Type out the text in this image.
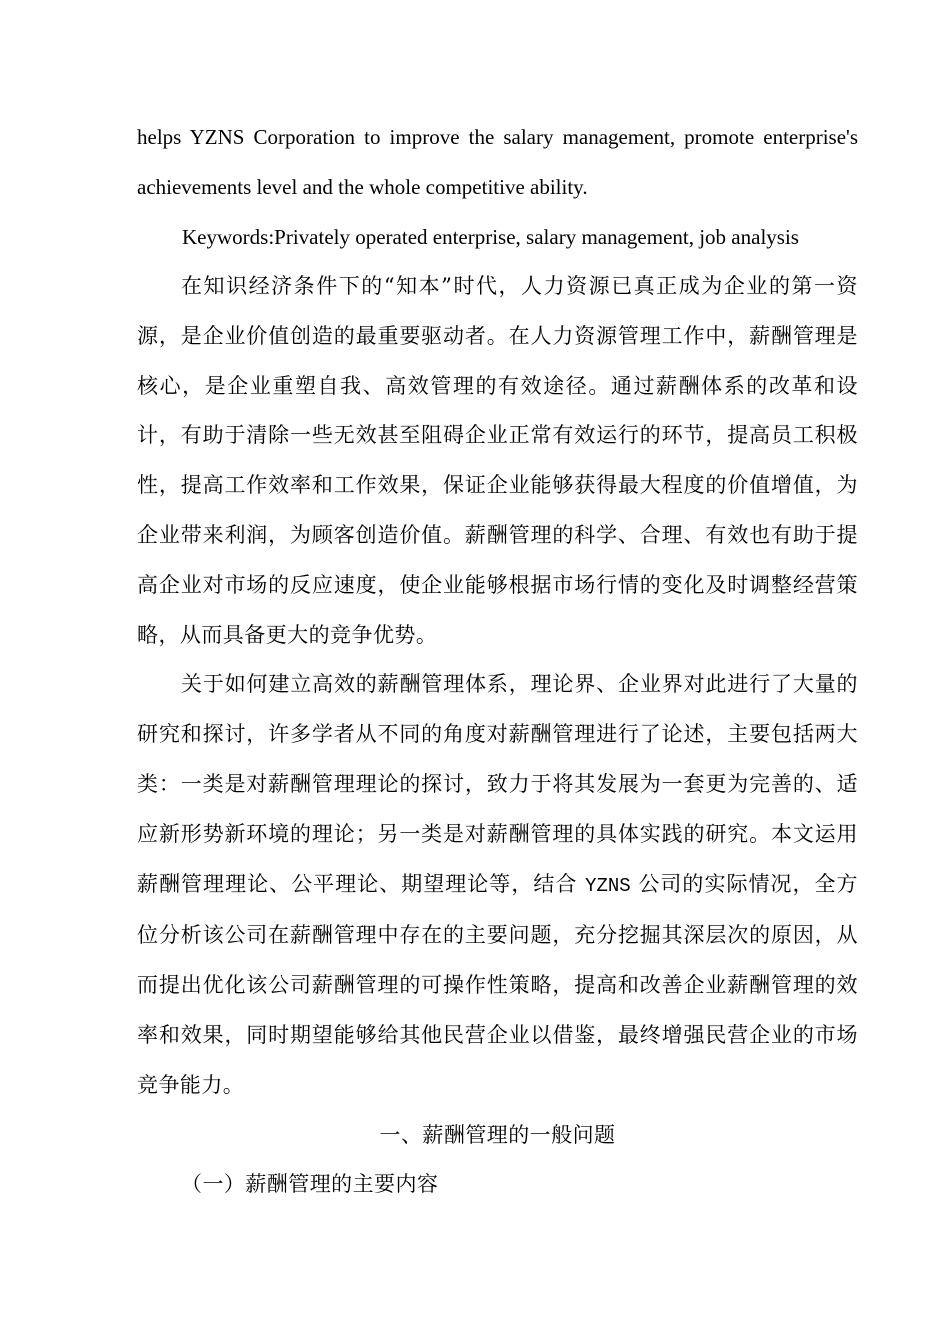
helps YZNS Corporation to improve the salary management, promote enterprise's achievements level and the whole competitive ability.

Keywords:Privately operated enterprise, salary management, job analysis

在知识经济条件下的“知本”时代，人力资源已真正成为企业的第一资源，是企业价值创造的最重要驱动者。在人力资源管理工作中，薪酬管理是核心，是企业重塑自我、高效管理的有效途径。通过薪酬体系的改革和设计，有助于清除一些无效甚至阻碍企业正常有效运行的环节，提高员工积极性，提高工作效率和工作效果，保证企业能够获得最大程度的价值增值，为企业带来利润，为顾客创造价值。薪酬管理的科学、合理、有效也有助于提高企业对市场的反应速度，使企业能够根据市场行情的变化及时调整经营策略，从而具备更大的竞争优势。

关于如何建立高效的薪酬管理体系，理论界、企业界对此进行了大量的研究和探讨，许多学者从不同的角度对薪酬管理进行了论述，主要包括两大类：一类是对薪酬管理理论的探讨，致力于将其发展为一套更为完善的、适应新形势新环境的理论；另一类是对薪酬管理的具体实践的研究。本文运用薪酬管理理论、公平理论、期望理论等，结合 YZNS 公司的实际情况，全方位分析该公司在薪酬管理中存在的主要问题，充分挖掘其深层次的原因，从而提出优化该公司薪酬管理的可操作性策略，提高和改善企业薪酬管理的效率和效果，同时期望能够给其他民营企业以借鉴，最终增强民营企业的市场竞争能力。

一、薪酬管理的一般问题

（一）薪酬管理的主要内容
